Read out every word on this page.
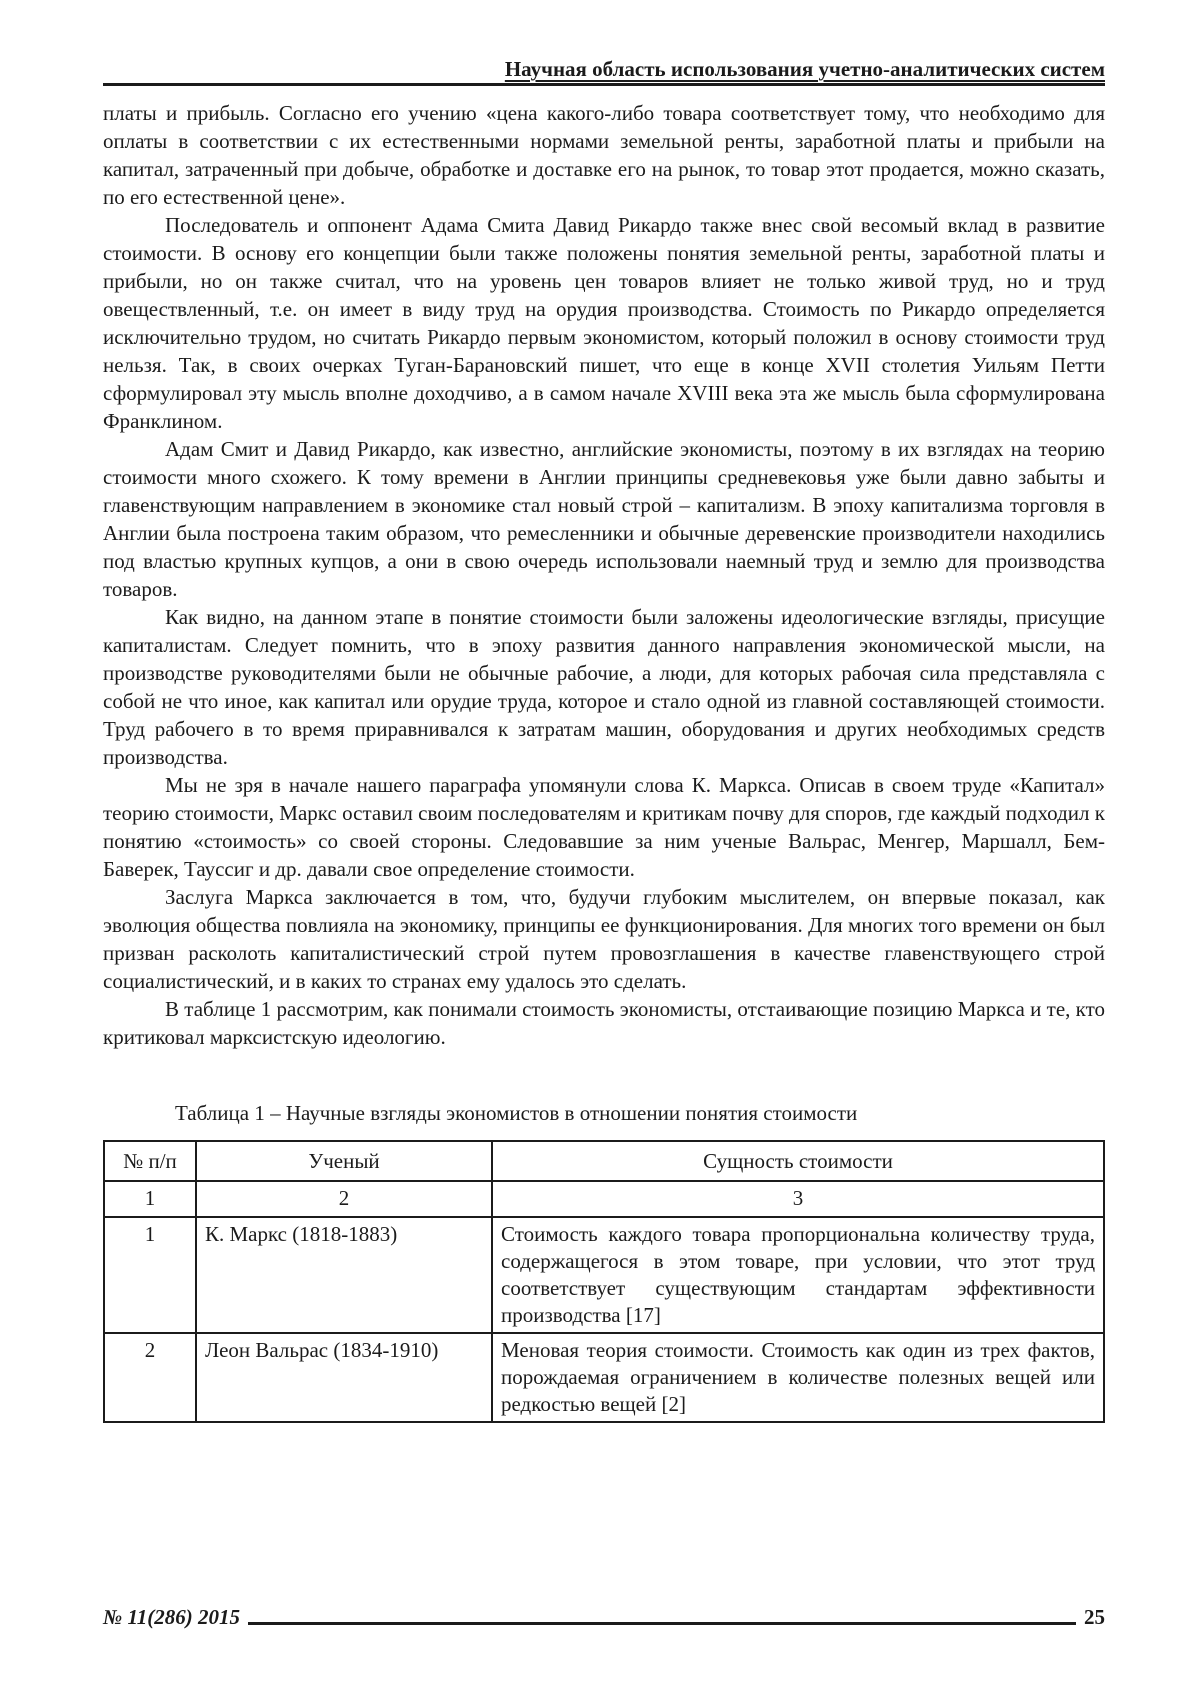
Научная область использования учетно-аналитических систем

платы и прибыль. Согласно его учению «цена какого-либо товара соответствует тому, что необходимо для оплаты в соответствии с их естественными нормами земельной ренты, заработной платы и прибыли на капитал, затраченный при добыче, обработке и доставке его на рынок, то товар этот продается, можно сказать, по его естественной цене».

Последователь и оппонент Адама Смита Давид Рикардо также внес свой весомый вклад в развитие стоимости. В основу его концепции были также положены понятия земельной ренты, заработной платы и прибыли, но он также считал, что на уровень цен товаров влияет не только живой труд, но и труд овеществленный, т.е. он имеет в виду труд на орудия производства. Стоимость по Рикардо определяется исключительно трудом, но считать Рикардо первым экономистом, который положил в основу стоимости труд нельзя. Так, в своих очерках Туган-Барановский пишет, что еще в конце XVII столетия Уильям Петти сформулировал эту мысль вполне доходчиво, а в самом начале XVIII века эта же мысль была сформулирована Франклином.

Адам Смит и Давид Рикардо, как известно, английские экономисты, поэтому в их взглядах на теорию стоимости много схожего. К тому времени в Англии принципы средневековья уже были давно забыты и главенствующим направлением в экономике стал новый строй – капитализм. В эпоху капитализма торговля в Англии была построена таким образом, что ремесленники и обычные деревенские производители находились под властью крупных купцов, а они в свою очередь использовали наемный труд и землю для производства товаров.

Как видно, на данном этапе в понятие стоимости были заложены идеологические взгляды, присущие капиталистам. Следует помнить, что в эпоху развития данного направления экономической мысли, на производстве руководителями были не обычные рабочие, а люди, для которых рабочая сила представляла с собой не что иное, как капитал или орудие труда, которое и стало одной из главной составляющей стоимости. Труд рабочего в то время приравнивался к затратам машин, оборудования и других необходимых средств производства.

Мы не зря в начале нашего параграфа упомянули слова К. Маркса. Описав в своем труде «Капитал» теорию стоимости, Маркс оставил своим последователям и критикам почву для споров, где каждый подходил к понятию «стоимость» со своей стороны. Следовавшие за ним ученые Вальрас, Менгер, Маршалл, Бем-Баверек, Тауссиг и др. давали свое определение стоимости.

Заслуга Маркса заключается в том, что, будучи глубоким мыслителем, он впервые показал, как эволюция общества повлияла на экономику, принципы ее функционирования. Для многих того времени он был призван расколоть капиталистический строй путем провозглашения в качестве главенствующего строй социалистический, и в каких то странах ему удалось это сделать.

В таблице 1 рассмотрим, как понимали стоимость экономисты, отстаивающие позицию Маркса и те, кто критиковал марксистскую идеологию.

Таблица 1 – Научные взгляды экономистов в отношении понятия стоимости
№ п/п	Ученый	Сущность стоимости
1	2	3
1	К. Маркс (1818-1883)	Стоимость каждого товара пропорциональна количеству труда, содержащегося в этом товаре, при условии, что этот труд соответствует существующим стандартам эффективности производства [17]
2	Леон Вальрас (1834-1910)	Меновая теория стоимости. Стоимость как один из трех фактов, порождаемая ограничением в количестве полезных вещей или редкостью вещей [2]
№ 11(286) 2015	25
